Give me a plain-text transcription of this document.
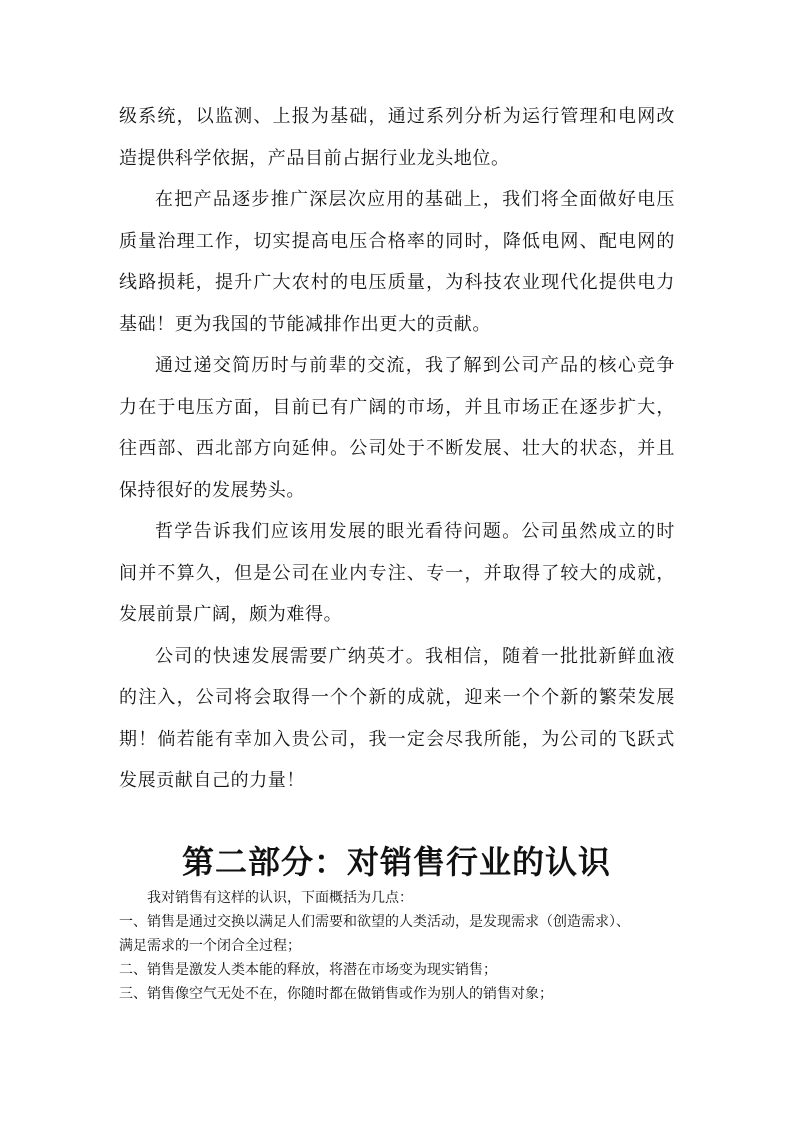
级系统，以监测、上报为基础，通过系列分析为运行管理和电网改造提供科学依据，产品目前占据行业龙头地位。

在把产品逐步推广深层次应用的基础上，我们将全面做好电压质量治理工作，切实提高电压合格率的同时，降低电网、配电网的线路损耗，提升广大农村的电压质量，为科技农业现代化提供电力基础！更为我国的节能减排作出更大的贡献。

通过递交简历时与前辈的交流，我了解到公司产品的核心竞争力在于电压方面，目前已有广阔的市场，并且市场正在逐步扩大，往西部、西北部方向延伸。公司处于不断发展、壮大的状态，并且保持很好的发展势头。

哲学告诉我们应该用发展的眼光看待问题。公司虽然成立的时间并不算久，但是公司在业内专注、专一，并取得了较大的成就，发展前景广阔，颇为难得。

公司的快速发展需要广纳英才。我相信，随着一批批新鲜血液的注入，公司将会取得一个个新的成就，迎来一个个新的繁荣发展期！倘若能有幸加入贵公司，我一定会尽我所能，为公司的飞跃式发展贡献自己的力量！

第二部分：对销售行业的认识

我对销售有这样的认识，下面概括为几点：

一、销售是通过交换以满足人们需要和欲望的人类活动，是发现需求（创造需求）、

满足需求的一个闭合全过程；

二、销售是激发人类本能的释放，将潜在市场变为现实销售；

三、销售像空气无处不在，你随时都在做销售或作为别人的销售对象；
